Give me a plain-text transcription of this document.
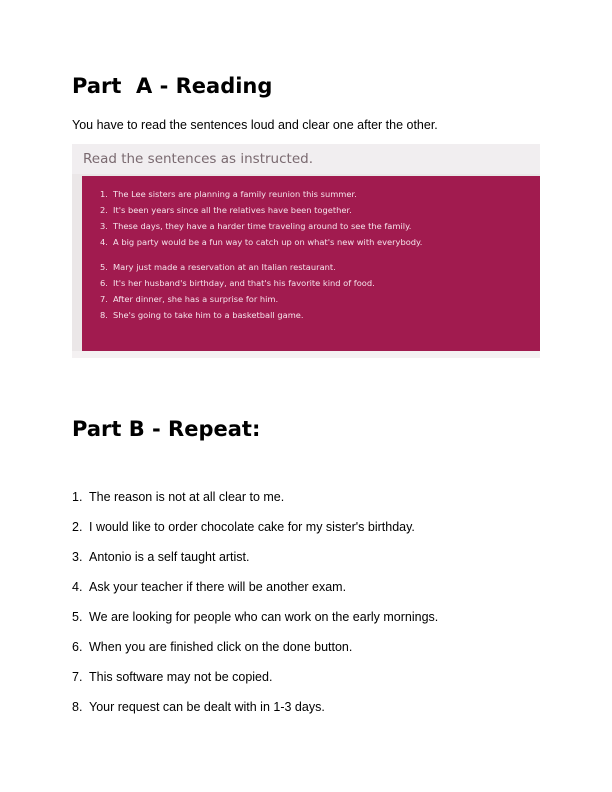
Part  A - Reading
You have to read the sentences loud and clear one after the other.
Read the sentences as instructed.
1. The Lee sisters are planning a family reunion this summer.
2. It's been years since all the relatives have been together.
3. These days, they have a harder time traveling around to see the family.
4. A big party would be a fun way to catch up on what's new with everybody.
5. Mary just made a reservation at an Italian restaurant.
6. It's her husband's birthday, and that's his favorite kind of food.
7. After dinner, she has a surprise for him.
8. She's going to take him to a basketball game.
Part B - Repeat:
1. The reason is not at all clear to me.
2. I would like to order chocolate cake for my sister's birthday.
3. Antonio is a self taught artist.
4. Ask your teacher if there will be another exam.
5. We are looking for people who can work on the early mornings.
6. When you are finished click on the done button.
7. This software may not be copied.
8. Your request can be dealt with in 1-3 days.
